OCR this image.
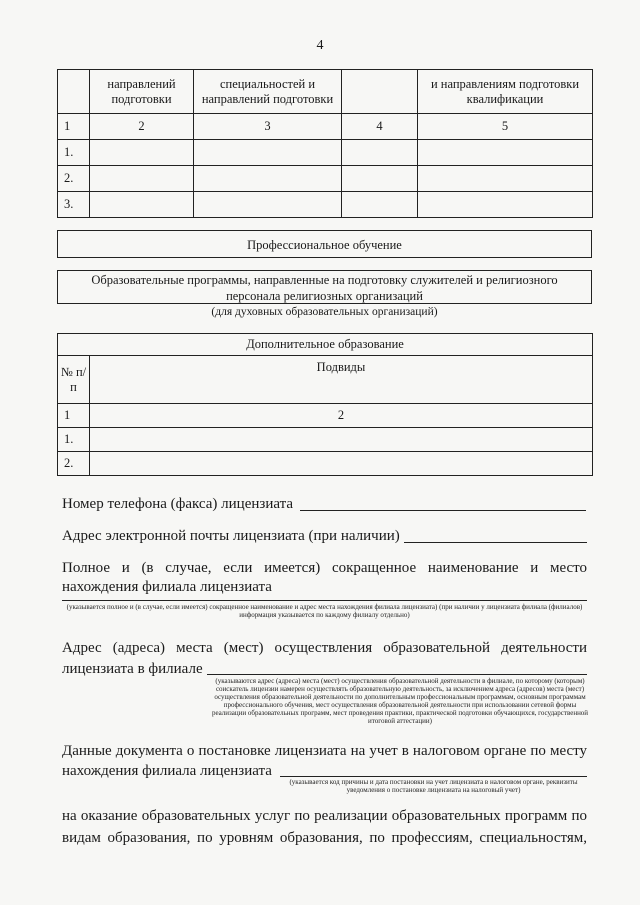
4
	направлений подготовки	специальностей и направлений подготовки		и направлениям подготовки квалификации
1	2	3	4	5
1.				
2.				
3.				
Профессиональное обучение
Образовательные программы, направленные на подготовку служителей и религиозного
персонала религиозных организаций
(для духовных образовательных организаций)
Дополнительное образование	
№ п/п	Подвиды
1	2
1.	
2.	
Номер телефона (факса) лицензиата
Адрес электронной почты лицензиата (при наличии)
Полное и (в случае, если имеется) сокращенное наименование и место
нахождения филиала лицензиата
(указывается полное и (в случае, если имеется) сокращенное наименование и адрес места нахождения филиала лицензиата) (при наличии у лицензиата филиала (филиалов) информация указывается по каждому филиалу отдельно)
Адрес (адреса) места (мест) осуществления образовательной деятельности
лицензиата в филиале
(указываются адрес (адреса) места (мест) осуществления образовательной деятельности в филиале, по которому (которым) соискатель лицензии намерен осуществлять образовательную деятельность, за исключением адреса (адресов) места (мест) осуществления образовательной деятельности по дополнительным профессиональным программам, основным программам профессионального обучения, мест осуществления образовательной деятельности при использовании сетевой формы реализации образовательных программ, мест проведения практики, практической подготовки обучающихся, государственной итоговой аттестации)
Данные документа о постановке лицензиата на учет в налоговом органе по месту
нахождения филиала лицензиата
(указывается код причины и дата постановки на учет лицензиата в налоговом органе, реквизиты уведомления о постановке лицензиата на налоговый учет)
на оказание образовательных услуг по реализации образовательных программ по
видам образования, по уровням образования, по профессиям, специальностям,
